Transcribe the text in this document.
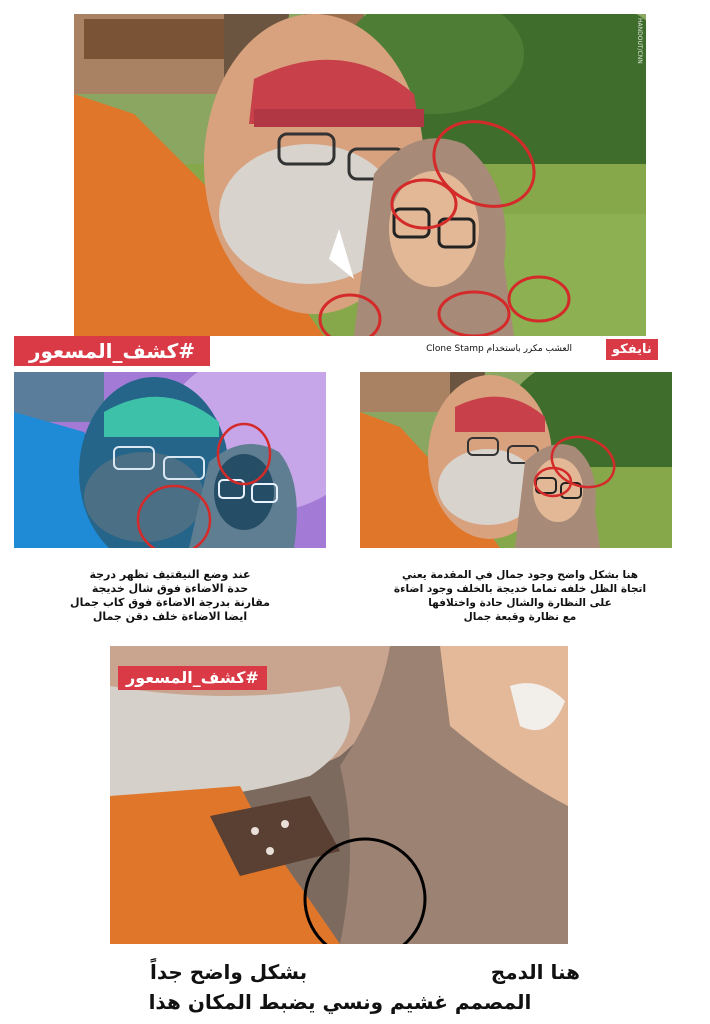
HANDOUT/CNN
العشب مكرر باستخدام Clone Stamp	نايفكو
#كشف_المسعور
عند وضع النيقتيف تظهر درجة
حدة الاضاءة فوق شال خديجة
مقارنة بدرجة الاضاءة فوق كاب جمال
ايضا الاضاءة خلف دقن جمال
هنا بشكل واضح وجود جمال في المقدمة يعني
اتجاة الظل خلفه تماما خديجة بالخلف وجود اضاءة
على النظارة والشال حادة واختلافها
مع نظارة وقبعة جمال
#كشف_المسعور
هنا الدمج
بشكل واضح جداً
المصمم غشيم ونسي يضبط المكان هذا
